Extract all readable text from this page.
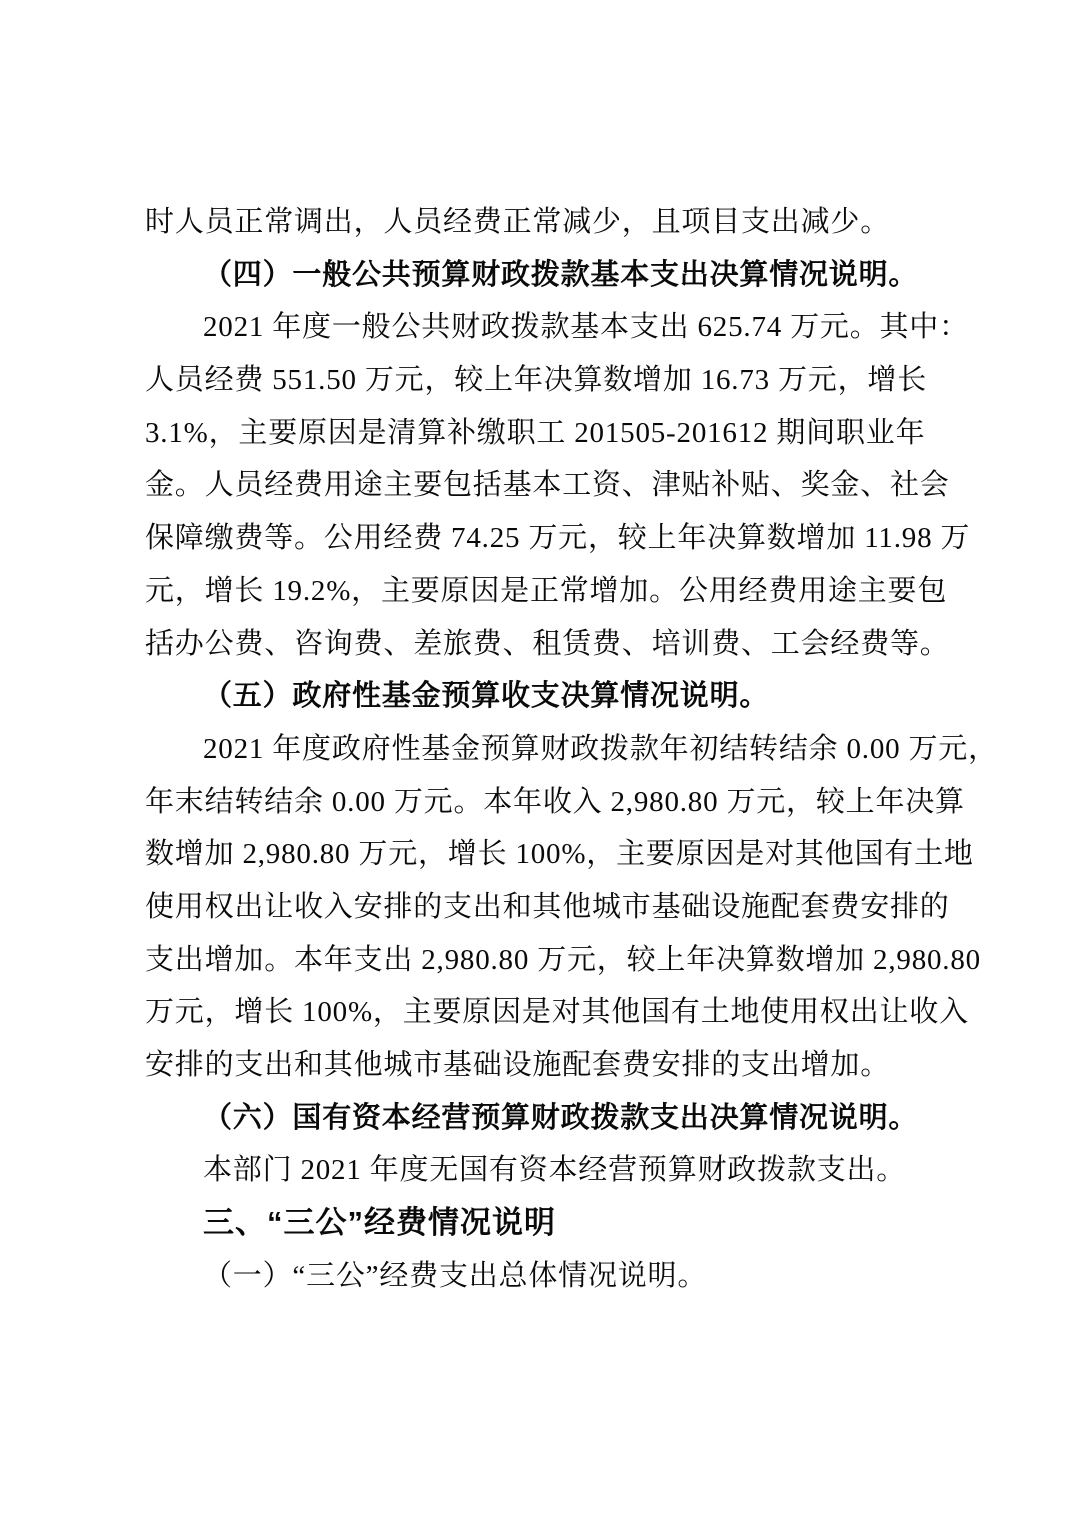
时人员正常调出，人员经费正常减少，且项目支出减少。
（四）一般公共预算财政拨款基本支出决算情况说明。
2021 年度一般公共财政拨款基本支出 625.74 万元。其中：
人员经费 551.50 万元，较上年决算数增加 16.73 万元，增长
3.1%，主要原因是清算补缴职工 201505-201612 期间职业年
金。人员经费用途主要包括基本工资、津贴补贴、奖金、社会
保障缴费等。公用经费 74.25 万元，较上年决算数增加 11.98 万
元，增长 19.2%，主要原因是正常增加。公用经费用途主要包
括办公费、咨询费、差旅费、租赁费、培训费、工会经费等。
（五）政府性基金预算收支决算情况说明。
2021 年度政府性基金预算财政拨款年初结转结余 0.00 万元，
年末结转结余 0.00 万元。本年收入 2,980.80 万元，较上年决算
数增加 2,980.80 万元，增长 100%，主要原因是对其他国有土地
使用权出让收入安排的支出和其他城市基础设施配套费安排的
支出增加。本年支出 2,980.80 万元，较上年决算数增加 2,980.80
万元，增长 100%，主要原因是对其他国有土地使用权出让收入
安排的支出和其他城市基础设施配套费安排的支出增加。
（六）国有资本经营预算财政拨款支出决算情况说明。
本部门 2021 年度无国有资本经营预算财政拨款支出。
三、“三公”经费情况说明
（一）“三公”经费支出总体情况说明。
